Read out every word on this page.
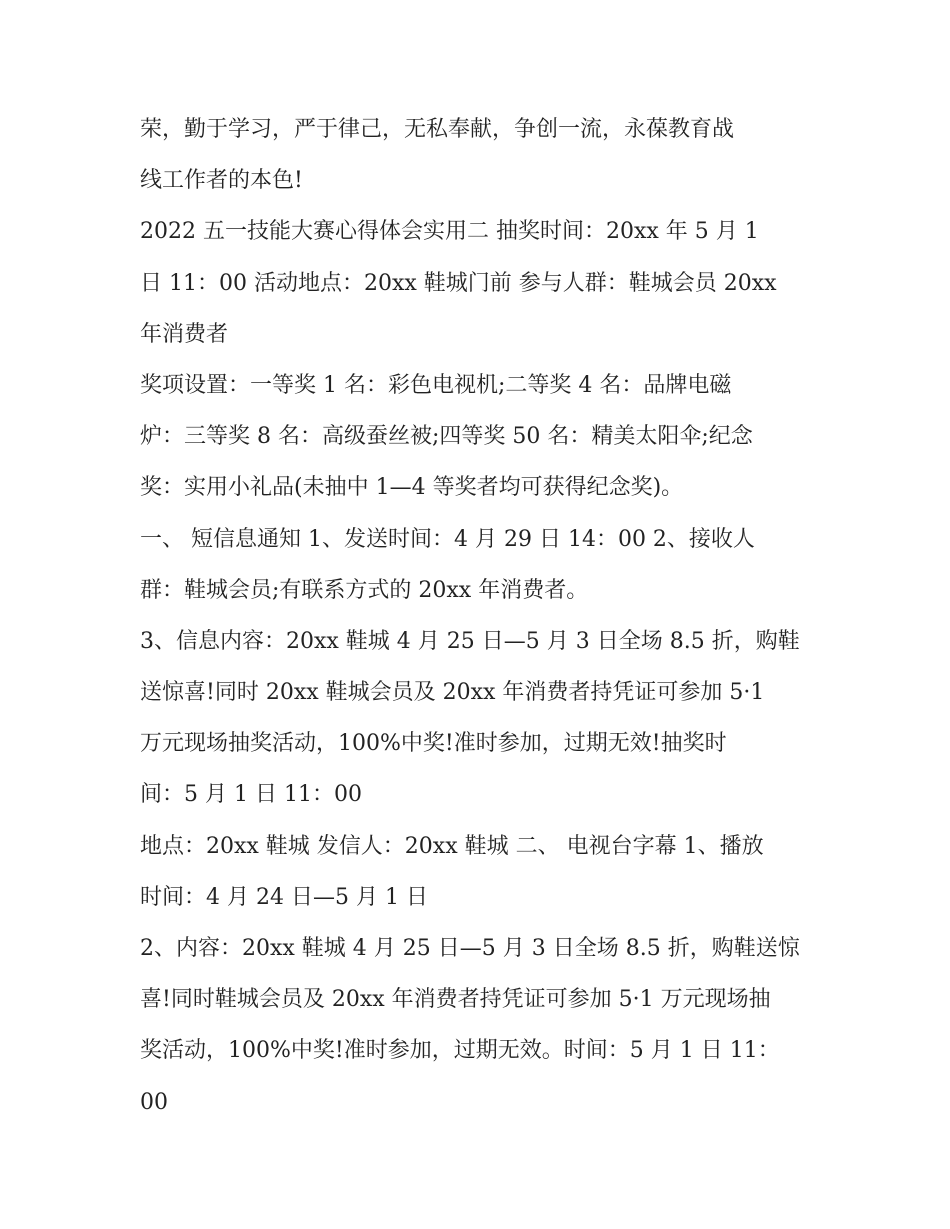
荣，勤于学习，严于律己，无私奉献，争创一流，永葆教育战
线工作者的本色!
2022 五一技能大赛心得体会实用二 抽奖时间：20xx 年 5 月 1
日 11：00 活动地点：20xx 鞋城门前 参与人群：鞋城会员 20xx
年消费者
奖项设置：一等奖 1 名：彩色电视机;二等奖 4 名：品牌电磁
炉：三等奖 8 名：高级蚕丝被;四等奖 50 名：精美太阳伞;纪念
奖：实用小礼品(未抽中 1—4 等奖者均可获得纪念奖)。
一、 短信息通知 1、发送时间：4 月 29 日 14：00 2、接收人
群：鞋城会员;有联系方式的 20xx 年消费者。
3、信息内容：20xx 鞋城 4 月 25 日—5 月 3 日全场 8.5 折，购鞋
送惊喜!同时 20xx 鞋城会员及 20xx 年消费者持凭证可参加 5·1
万元现场抽奖活动，100%中奖!准时参加，过期无效!抽奖时
间：5 月 1 日 11：00
地点：20xx 鞋城 发信人：20xx 鞋城 二、 电视台字幕 1、播放
时间：4 月 24 日—5 月 1 日
2、内容：20xx 鞋城 4 月 25 日—5 月 3 日全场 8.5 折，购鞋送惊
喜!同时鞋城会员及 20xx 年消费者持凭证可参加 5·1 万元现场抽
奖活动，100%中奖!准时参加，过期无效。时间：5 月 1 日 11：
00
